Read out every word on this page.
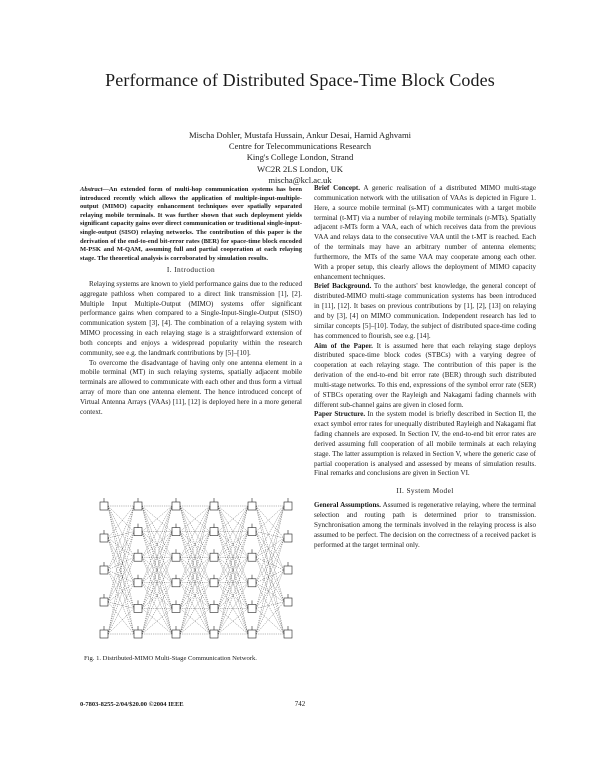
Performance of Distributed Space-Time Block Codes
Mischa Dohler, Mustafa Hussain, Ankur Desai, Hamid Aghvami
Centre for Telecommunications Research
King's College London, Strand
WC2R 2LS London, UK
mischa@kcl.ac.uk
Abstract—An extended form of multi-hop communication systems has been introduced recently which allows the application of multiple-input-multiple-output (MIMO) capacity enhancement techniques over spatially separated relaying mobile terminals. It was further shown that such deployment yields significant capacity gains over direct communication or traditional single-input-single-output (SISO) relaying networks. The contribution of this paper is the derivation of the end-to-end bit-error rates (BER) for space-time block encoded M-PSK and M-QAM, assuming full and partial cooperation at each relaying stage. The theoretical analysis is corroborated by simulation results.
I. Introduction

Relaying systems are known to yield performance gains due to the reduced aggregate pathloss when compared to a direct link transmission [1], [2]. Multiple Input Multiple-Output (MIMO) systems offer significant performance gains when compared to a Single-Input-Single-Output (SISO) communication system [3], [4]. The combination of a relaying system with MIMO processing in each relaying stage is a straightforward extension of both concepts and enjoys a widespread popularity within the research community, see e.g. the landmark contributions by [5]–[10].

To overcome the disadvantage of having only one antenna element in a mobile terminal (MT) in such relaying systems, spatially adjacent mobile terminals are allowed to communicate with each other and thus form a virtual array of more than one antenna element. The hence introduced concept of Virtual Antenna Arrays (VAAs) [11], [12] is deployed here in a more general context.

Fig. 1. Distributed-MIMO Multi-Stage Communication Network.

Brief Concept. A generic realisation of a distributed MIMO multi-stage communication network with the utilisation of VAAs is depicted in Figure 1. Here, a source mobile terminal (s-MT) communicates with a target mobile terminal (t-MT) via a number of relaying mobile terminals (r-MTs). Spatially adjacent r-MTs form a VAA, each of which receives data from the previous VAA and relays data to the consecutive VAA until the t-MT is reached. Each of the terminals may have an arbitrary number of antenna elements; furthermore, the MTs of the same VAA may cooperate among each other. With a proper setup, this clearly allows the deployment of MIMO capacity enhancement techniques.

Brief Background. To the authors' best knowledge, the general concept of distributed-MIMO multi-stage communication systems has been introduced in [11], [12]. It bases on previous contributions by [1], [2], [13] on relaying and by [3], [4] on MIMO communication. Independent research has led to similar concepts [5]–[10]. Today, the subject of distributed space-time coding has commenced to flourish, see e.g. [14].

Aim of the Paper. It is assumed here that each relaying stage deploys distributed space-time block codes (STBCs) with a varying degree of cooperation at each relaying stage. The contribution of this paper is the derivation of the end-to-end bit error rate (BER) through such distributed multi-stage networks. To this end, expressions of the symbol error rate (SER) of STBCs operating over the Rayleigh and Nakagami fading channels with different sub-channel gains are given in closed form.

Paper Structure. In the system model is briefly described in Section II, the exact symbol error rates for unequally distributed Rayleigh and Nakagami flat fading channels are exposed. In Section IV, the end-to-end bit error rates are derived assuming full cooperation of all mobile terminals at each relaying stage. The latter assumption is relaxed in Section V, where the generic case of partial cooperation is analysed and assessed by means of simulation results. Final remarks and conclusions are given in Section VI.

II. System Model

General Assumptions. Assumed is regenerative relaying, where the terminal selection and routing path is determined prior to transmission. Synchronisation among the terminals involved in the relaying process is also assumed to be perfect. The decision on the correctness of a received packet is performed at the target terminal only.

0-7803-8255-2/04/$20.00 ©2004 IEEE	742
